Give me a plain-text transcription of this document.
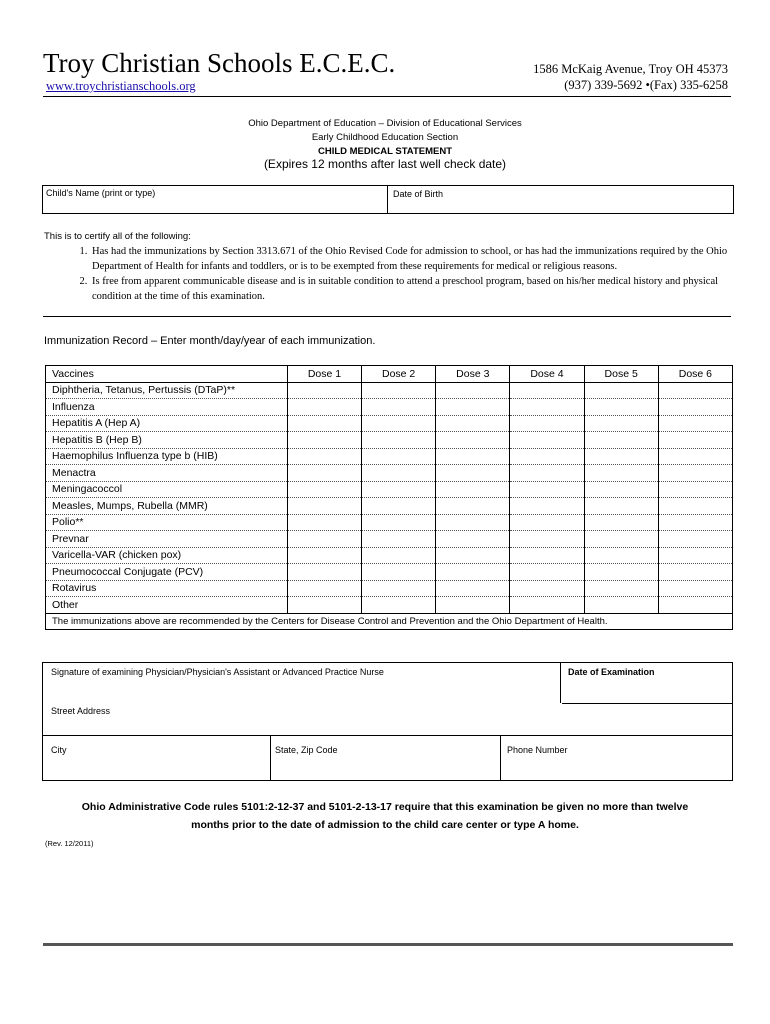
Troy Christian Schools E.C.E.C.
www.troychristianschools.org
1586 McKaig Avenue, Troy OH 45373
(937) 339-5692 •(Fax) 335-6258
Ohio Department of Education – Division of Educational Services
Early Childhood Education Section
CHILD MEDICAL STATEMENT
(Expires 12 months after last well check date)
Child's Name (print or type)	Date of Birth
This is to certify all of the following:
1. Has had the immunizations by Section 3313.671 of the Ohio Revised Code for admission to school, or has had the immunizations required by the Ohio Department of Health for infants and toddlers, or is to be exempted from these requirements for medical or religious reasons.
2. Is free from apparent communicable disease and is in suitable condition to attend a preschool program, based on his/her medical history and physical condition at the time of this examination.
Immunization Record – Enter month/day/year of each immunization.
Vaccines	Dose 1	Dose 2	Dose 3	Dose 4	Dose 5	Dose 6
Diphtheria, Tetanus, Pertussis (DTaP)**						
Influenza						
Hepatitis A (Hep A)						
Hepatitis B (Hep B)						
Haemophilus Influenza type b (HIB)						
Menactra						
Meningacoccol						
Measles, Mumps, Rubella (MMR)						
Polio**						
Prevnar						
Varicella-VAR (chicken pox)						
Pneumococcal Conjugate (PCV)						
Rotavirus						
Other						
The immunizations above are recommended by the Centers for Disease Control and Prevention and the Ohio Department of Health.						
Signature of examining Physician/Physician's Assistant or Advanced Practice Nurse	Date of Examination
Street Address
City	State, Zip Code	Phone Number
Ohio Administrative Code rules 5101:2-12-37 and 5101-2-13-17 require that this examination be given no more than twelve
months prior to the date of admission to the child care center or type A home.
(Rev. 12/2011)
